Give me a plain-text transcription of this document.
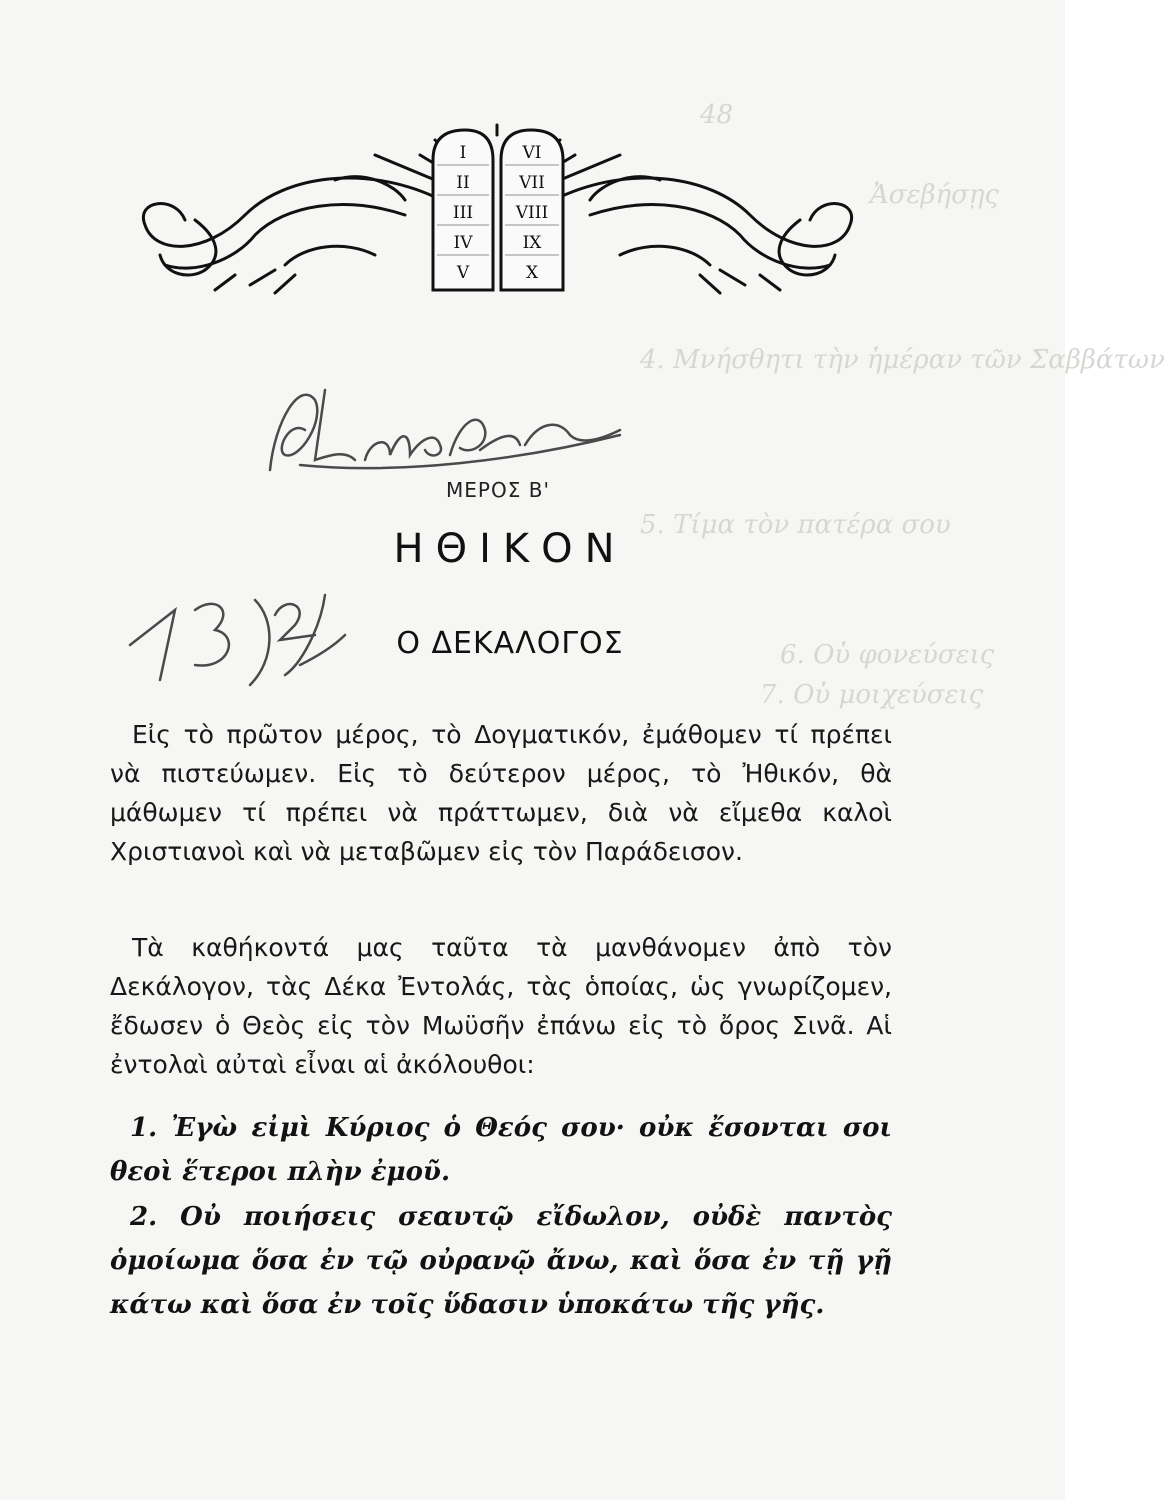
48
Ἀσεβήσῃς
4. Μνήσθητι τὴν ἡμέραν τῶν Σαββάτων
5. Τίμα τὸν πατέρα σου
6. Οὐ φονεύσεις
7. Οὐ μοιχεύσεις
I
II
III
IV
V
VI
VII
VIII
IX
X
ΜΕΡΟΣ Β'
ΗΘΙΚΟΝ
Ο ΔΕΚΑΛΟΓΟΣ

Εἰς τὸ πρῶτον μέρος, τὸ Δογματικόν, ἐμάθομεν τί πρέπει νὰ πιστεύωμεν. Εἰς τὸ δεύτερον μέρος, τὸ Ἠθικόν, θὰ μάθωμεν τί πρέπει νὰ πράττωμεν, διὰ νὰ εἴμεθα καλοὶ Χριστιανοὶ καὶ νὰ μεταβῶμεν εἰς τὸν Παράδεισον.

Τὰ καθήκοντά μας ταῦτα τὰ μανθάνομεν ἀπὸ τὸν Δεκάλογον, τὰς Δέκα Ἐντολάς, τὰς ὁποίας, ὡς γνωρίζομεν, ἔδωσεν ὁ Θεὸς εἰς τὸν Μωϋσῆν ἐπάνω εἰς τὸ ὄρος Σινᾶ. Αἱ ἐντολαὶ αὐταὶ εἶναι αἱ ἀκόλουθοι:

1. Ἐγὼ εἰμὶ Κύριος ὁ Θεός σου· οὐκ ἔσονται σοι θεοὶ ἕτεροι πλὴν ἐμοῦ.

2. Οὐ ποιήσεις σεαυτῷ εἴδωλον, οὐδὲ παντὸς ὁμοίωμα ὅσα ἐν τῷ οὐρανῷ ἄνω, καὶ ὅσα ἐν τῇ γῇ κάτω καὶ ὅσα ἐν τοῖς ὕδασιν ὑποκάτω τῆς γῆς.
